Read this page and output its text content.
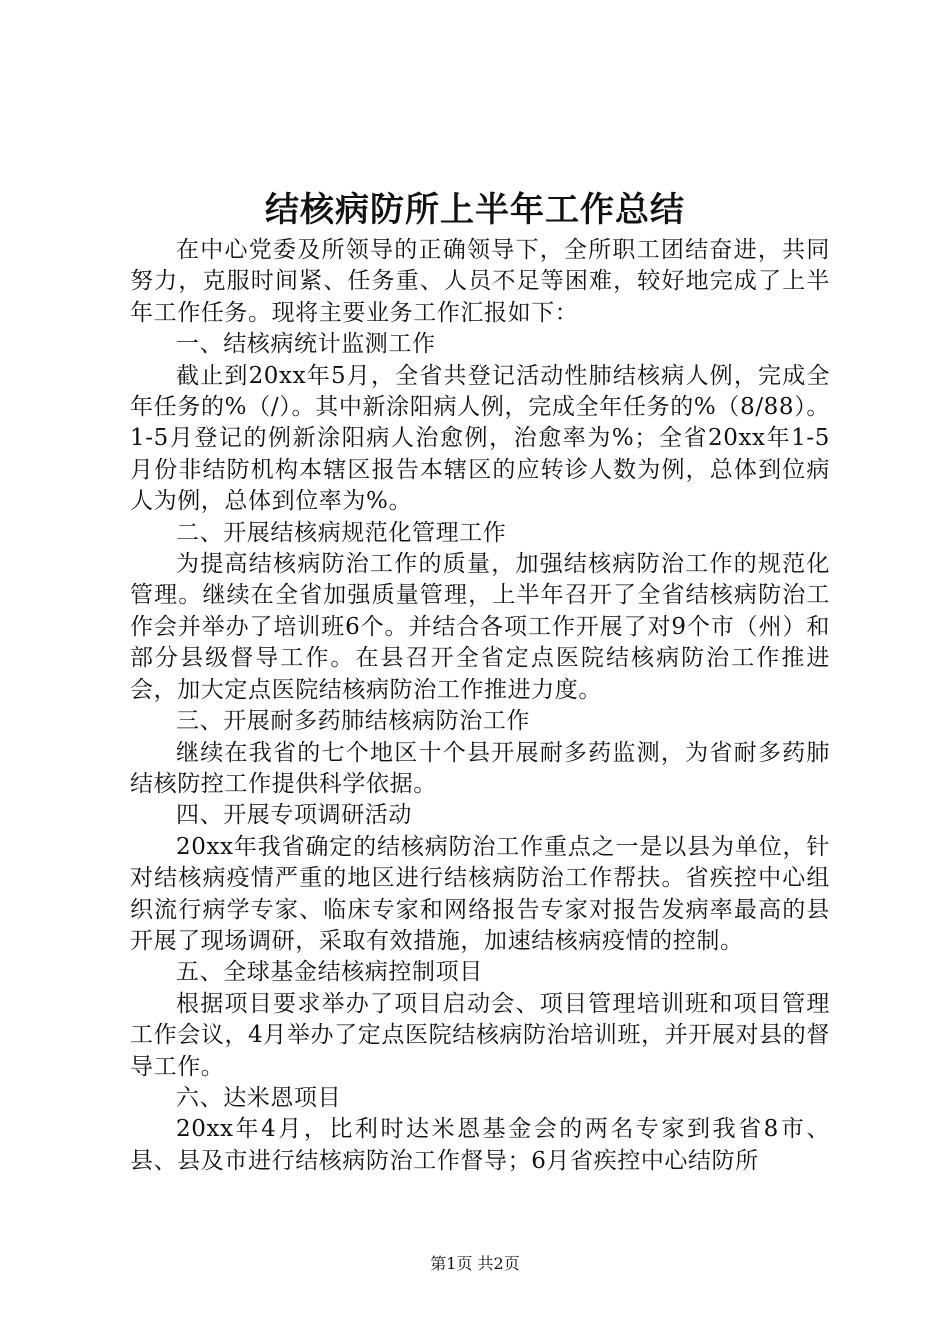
结核病防所上半年工作总结

在中心党委及所领导的正确领导下，全所职工团结奋进，共同努力，克服时间紧、任务重、人员不足等困难，较好地完成了上半年工作任务。现将主要业务工作汇报如下：

一、结核病统计监测工作

截止到20xx年5月，全省共登记活动性肺结核病人例，完成全年任务的%（/）。其中新涂阳病人例，完成全年任务的%（8/88）。1-5月登记的例新涂阳病人治愈例，治愈率为%；全省20xx年1-5月份非结防机构本辖区报告本辖区的应转诊人数为例，总体到位病人为例，总体到位率为%。

二、开展结核病规范化管理工作

为提高结核病防治工作的质量，加强结核病防治工作的规范化管理。继续在全省加强质量管理，上半年召开了全省结核病防治工作会并举办了培训班6个。并结合各项工作开展了对9个市（州）和部分县级督导工作。在县召开全省定点医院结核病防治工作推进会，加大定点医院结核病防治工作推进力度。

三、开展耐多药肺结核病防治工作

继续在我省的七个地区十个县开展耐多药监测，为省耐多药肺结核防控工作提供科学依据。

四、开展专项调研活动

20xx年我省确定的结核病防治工作重点之一是以县为单位，针对结核病疫情严重的地区进行结核病防治工作帮扶。省疾控中心组织流行病学专家、临床专家和网络报告专家对报告发病率最高的县开展了现场调研，采取有效措施，加速结核病疫情的控制。

五、全球基金结核病控制项目

根据项目要求举办了项目启动会、项目管理培训班和项目管理工作会议，4月举办了定点医院结核病防治培训班，并开展对县的督导工作。

六、达米恩项目

20xx年4月，比利时达米恩基金会的两名专家到我省8市、县、县及市进行结核病防治工作督导；6月省疾控中心结防所

第1页 共2页
